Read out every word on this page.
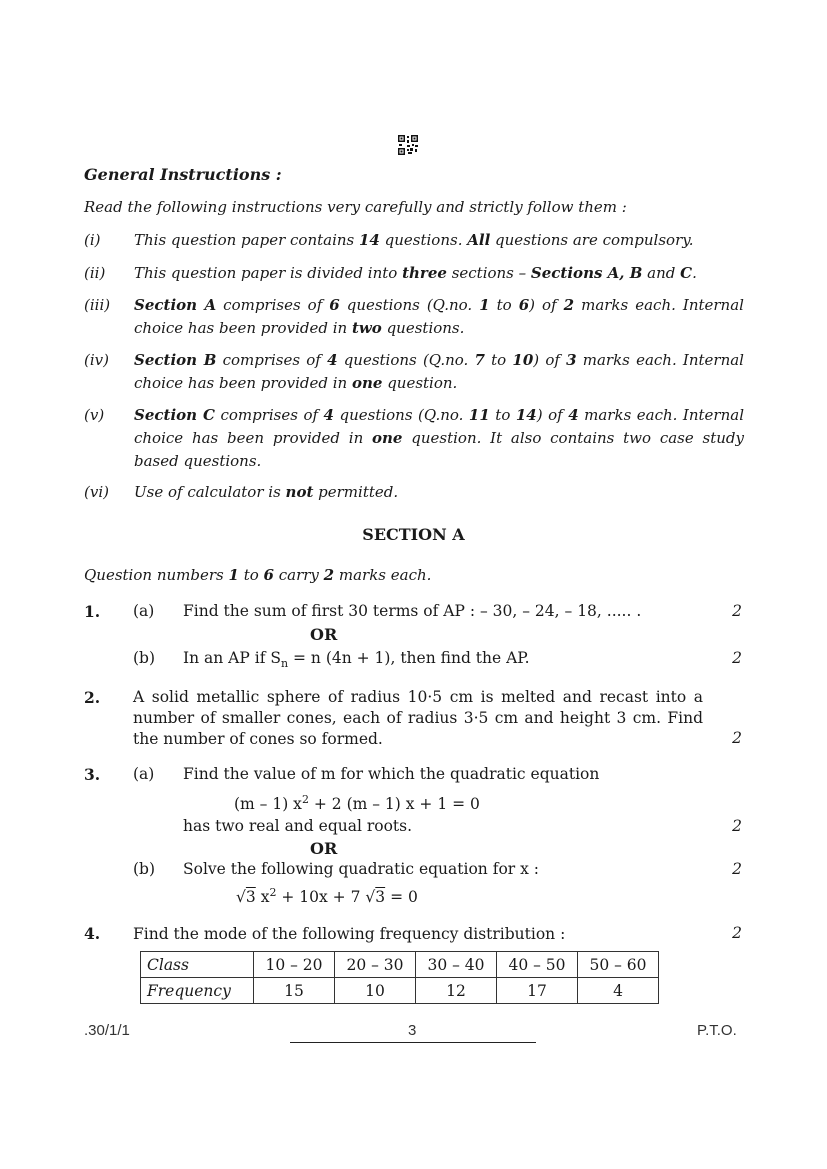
General Instructions :
Read the following instructions very carefully and strictly follow them :
(i)	This question paper contains 14 questions. All questions are compulsory.
(ii)	This question paper is divided into three sections – Sections A, B and C.
(iii)	Section A comprises of 6 questions (Q.no. 1 to 6) of 2 marks each. Internal choice has been provided in two questions.
(iv)	Section B comprises of 4 questions (Q.no. 7 to 10) of 3 marks each. Internal choice has been provided in one question.
(v)	Section C comprises of 4 questions (Q.no. 11 to 14) of 4 marks each. Internal choice has been provided in one question. It also contains two case study based questions.
(vi)	Use of calculator is not permitted.
SECTION A
Question numbers 1 to 6 carry 2 marks each.
1. (a) Find the sum of first 30 terms of AP : – 30, – 24, – 18, ..... .	2
OR
(b) In an AP if $S_n = n$ (4n + 1), then find the AP.	2
2. A solid metallic sphere of radius 10·5 cm is melted and recast into a number of smaller cones, each of radius 3·5 cm and height 3 cm. Find the number of cones so formed.	2
3. (a) Find the value of m for which the quadratic equation
(m – 1) $x^2 + 2$ (m – 1) x + 1 = 0
has two real and equal roots.	2
OR
(b) Solve the following quadratic equation for x :	2
√3 $x^2 + 10x + 7$ √3 = 0
4. Find the mode of the following frequency distribution :	2
Class	10 – 20	20 – 30	30 – 40	40 – 50	50 – 60
Frequency	15	10	12	17	4
.30/1/1	3	P.T.O.
